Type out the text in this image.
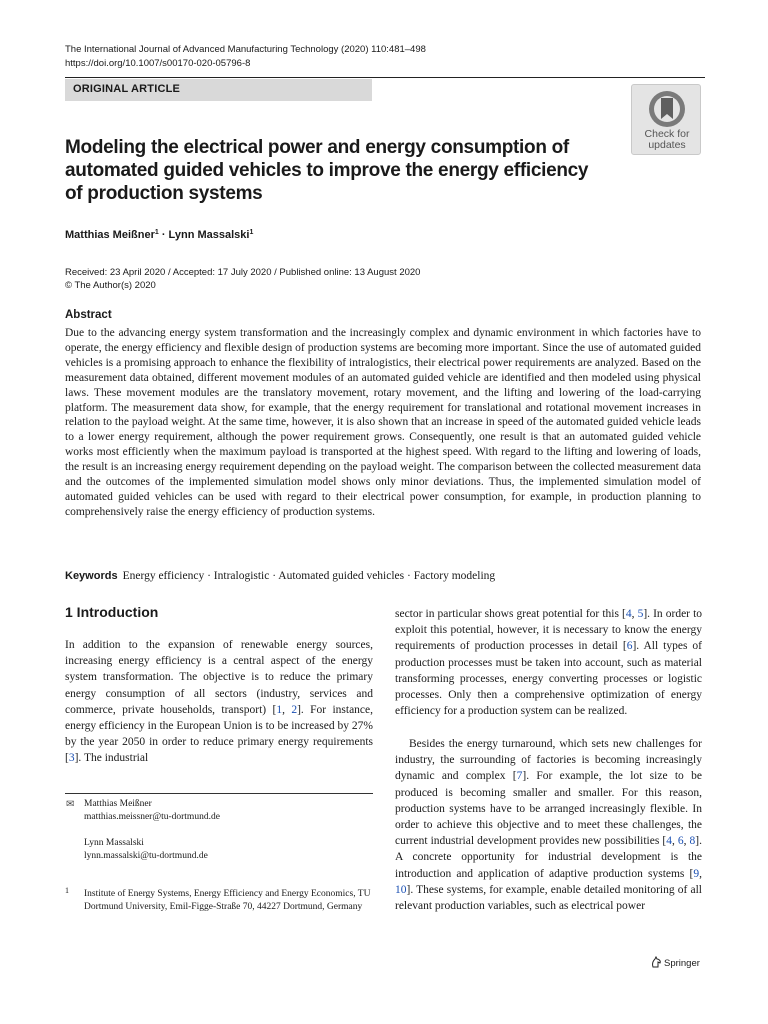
The International Journal of Advanced Manufacturing Technology (2020) 110:481–498
https://doi.org/10.1007/s00170-020-05796-8
ORIGINAL ARTICLE
Check for
updates
Modeling the electrical power and energy consumption of automated guided vehicles to improve the energy efficiency of production systems
Matthias Meißner$^1$ · Lynn Massalski$^1$
Received: 23 April 2020 / Accepted: 17 July 2020 / Published online: 13 August 2020
© The Author(s) 2020
Abstract

Due to the advancing energy system transformation and the increasingly complex and dynamic environment in which factories have to operate, the energy efficiency and flexible design of production systems are becoming more important. Since the use of automated guided vehicles is a promising approach to enhance the flexibility of intralogistics, their electrical power requirements are analyzed. Based on the measurement data obtained, different movement modules of an automated guided vehicle are identified and then modeled using physical laws. These movement modules are the translatory movement, rotary movement, and the lifting and lowering of the load-carrying platform. The measurement data show, for example, that the energy requirement for translational and rotational movement increases in relation to the payload weight. At the same time, however, it is also shown that an increase in speed of the automated guided vehicle leads to a lower energy requirement, although the power requirement grows. Consequently, one result is that an automated guided vehicle works most efficiently when the maximum payload is transported at the highest speed. With regard to the lifting and lowering of loads, the result is an increasing energy requirement depending on the payload weight. The comparison between the collected measurement data and the outcomes of the implemented simulation model shows only minor deviations. Thus, the implemented simulation model of automated guided vehicles can be used with regard to their electrical power consumption, for example, in production planning to comprehensively raise the energy efficiency of production systems.

Keywords Energy efficiency · Intralogistic · Automated guided vehicles · Factory modeling
1 Introduction

In addition to the expansion of renewable energy sources, increasing energy efficiency is a central aspect of the energy system transformation. The objective is to reduce the primary energy consumption of all sectors (industry, services and commerce, private households, transport) [1, 2]. For instance, energy efficiency in the European Union is to be increased by 27% by the year 2050 in order to reduce primary energy requirements [3]. The industrial

sector in particular shows great potential for this [4, 5]. In order to exploit this potential, however, it is necessary to know the energy requirements of production processes in detail [6]. All types of production processes must be taken into account, such as material transforming processes, energy converting processes or logistic processes. Only then a comprehensive optimization of energy efficiency for a production system can be realized.

Besides the energy turnaround, which sets new challenges for industry, the surrounding of factories is becoming increasingly dynamic and complex [7]. For example, the lot size to be produced is becoming smaller and smaller. For this reason, production systems have to be arranged increasingly flexible. In order to achieve this objective and to meet these challenges, the current industrial development provides new possibilities [4, 6, 8]. A concrete opportunity for industrial development is the introduction and application of adaptive production systems [9, 10]. These systems, for example, enable detailed monitoring of all relevant production variables, such as electrical power

✉ Matthias Meißner
matthias.meissner@tu-dortmund.de
Lynn Massalski
lynn.massalski@tu-dortmund.de
1 Institute of Energy Systems, Energy Efficiency and Energy Economics, TU Dortmund University, Emil-Figge-Straße 70, 44227 Dortmund, Germany
Springer
